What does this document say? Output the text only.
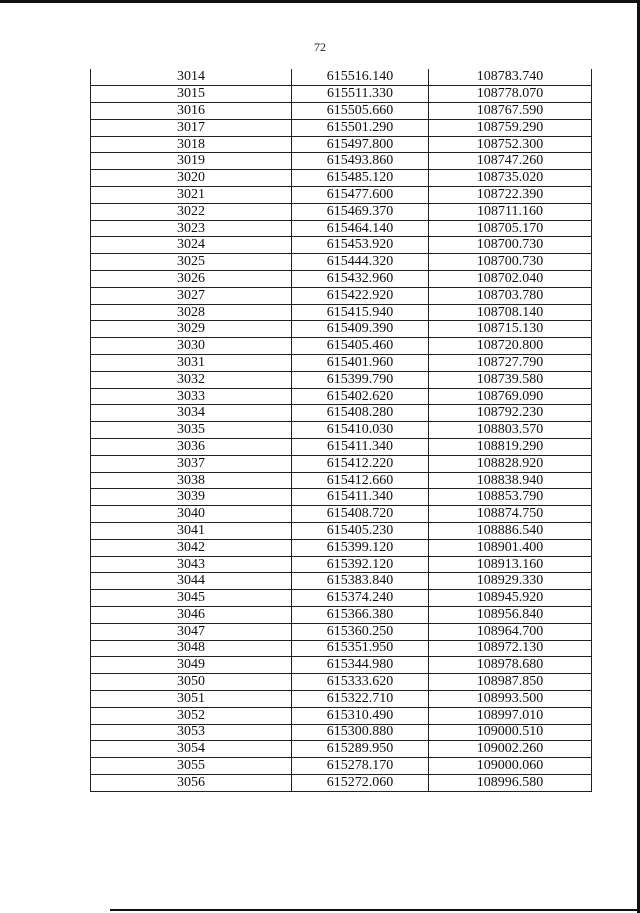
72
3014	615516.140	108783.740
3015	615511.330	108778.070
3016	615505.660	108767.590
3017	615501.290	108759.290
3018	615497.800	108752.300
3019	615493.860	108747.260
3020	615485.120	108735.020
3021	615477.600	108722.390
3022	615469.370	108711.160
3023	615464.140	108705.170
3024	615453.920	108700.730
3025	615444.320	108700.730
3026	615432.960	108702.040
3027	615422.920	108703.780
3028	615415.940	108708.140
3029	615409.390	108715.130
3030	615405.460	108720.800
3031	615401.960	108727.790
3032	615399.790	108739.580
3033	615402.620	108769.090
3034	615408.280	108792.230
3035	615410.030	108803.570
3036	615411.340	108819.290
3037	615412.220	108828.920
3038	615412.660	108838.940
3039	615411.340	108853.790
3040	615408.720	108874.750
3041	615405.230	108886.540
3042	615399.120	108901.400
3043	615392.120	108913.160
3044	615383.840	108929.330
3045	615374.240	108945.920
3046	615366.380	108956.840
3047	615360.250	108964.700
3048	615351.950	108972.130
3049	615344.980	108978.680
3050	615333.620	108987.850
3051	615322.710	108993.500
3052	615310.490	108997.010
3053	615300.880	109000.510
3054	615289.950	109002.260
3055	615278.170	109000.060
3056	615272.060	108996.580
